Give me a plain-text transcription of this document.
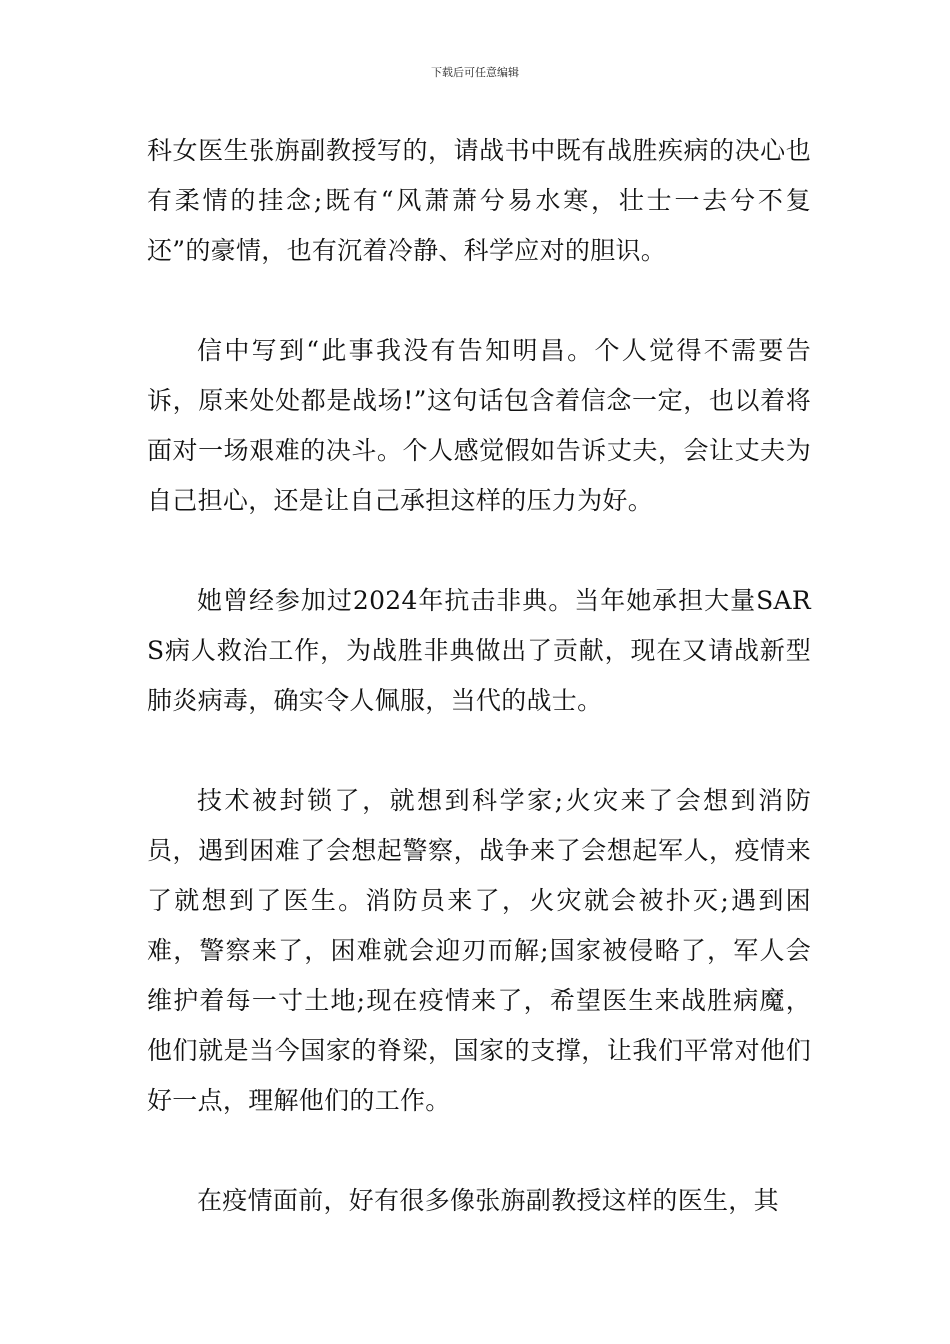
下载后可任意编辑

科女医生张旃副教授写的，请战书中既有战胜疾病的决心也有柔情的挂念;既有“风萧萧兮易水寒，壮士一去兮不复还”的豪情，也有沉着冷静、科学应对的胆识。

信中写到“此事我没有告知明昌。个人觉得不需要告诉，原来处处都是战场!”这句话包含着信念一定，也以着将面对一场艰难的决斗。个人感觉假如告诉丈夫，会让丈夫为自己担心，还是让自己承担这样的压力为好。

她曾经参加过2024年抗击非典。当年她承担大量SARS病人救治工作，为战胜非典做出了贡献，现在又请战新型肺炎病毒，确实令人佩服，当代的战士。

技术被封锁了，就想到科学家;火灾来了会想到消防员，遇到困难了会想起警察，战争来了会想起军人，疫情来了就想到了医生。消防员来了，火灾就会被扑灭;遇到困难，警察来了，困难就会迎刃而解;国家被侵略了，军人会维护着每一寸土地;现在疫情来了，希望医生来战胜病魔，他们就是当今国家的脊梁，国家的支撑，让我们平常对他们好一点，理解他们的工作。

在疫情面前，好有很多像张旃副教授这样的医生，其
